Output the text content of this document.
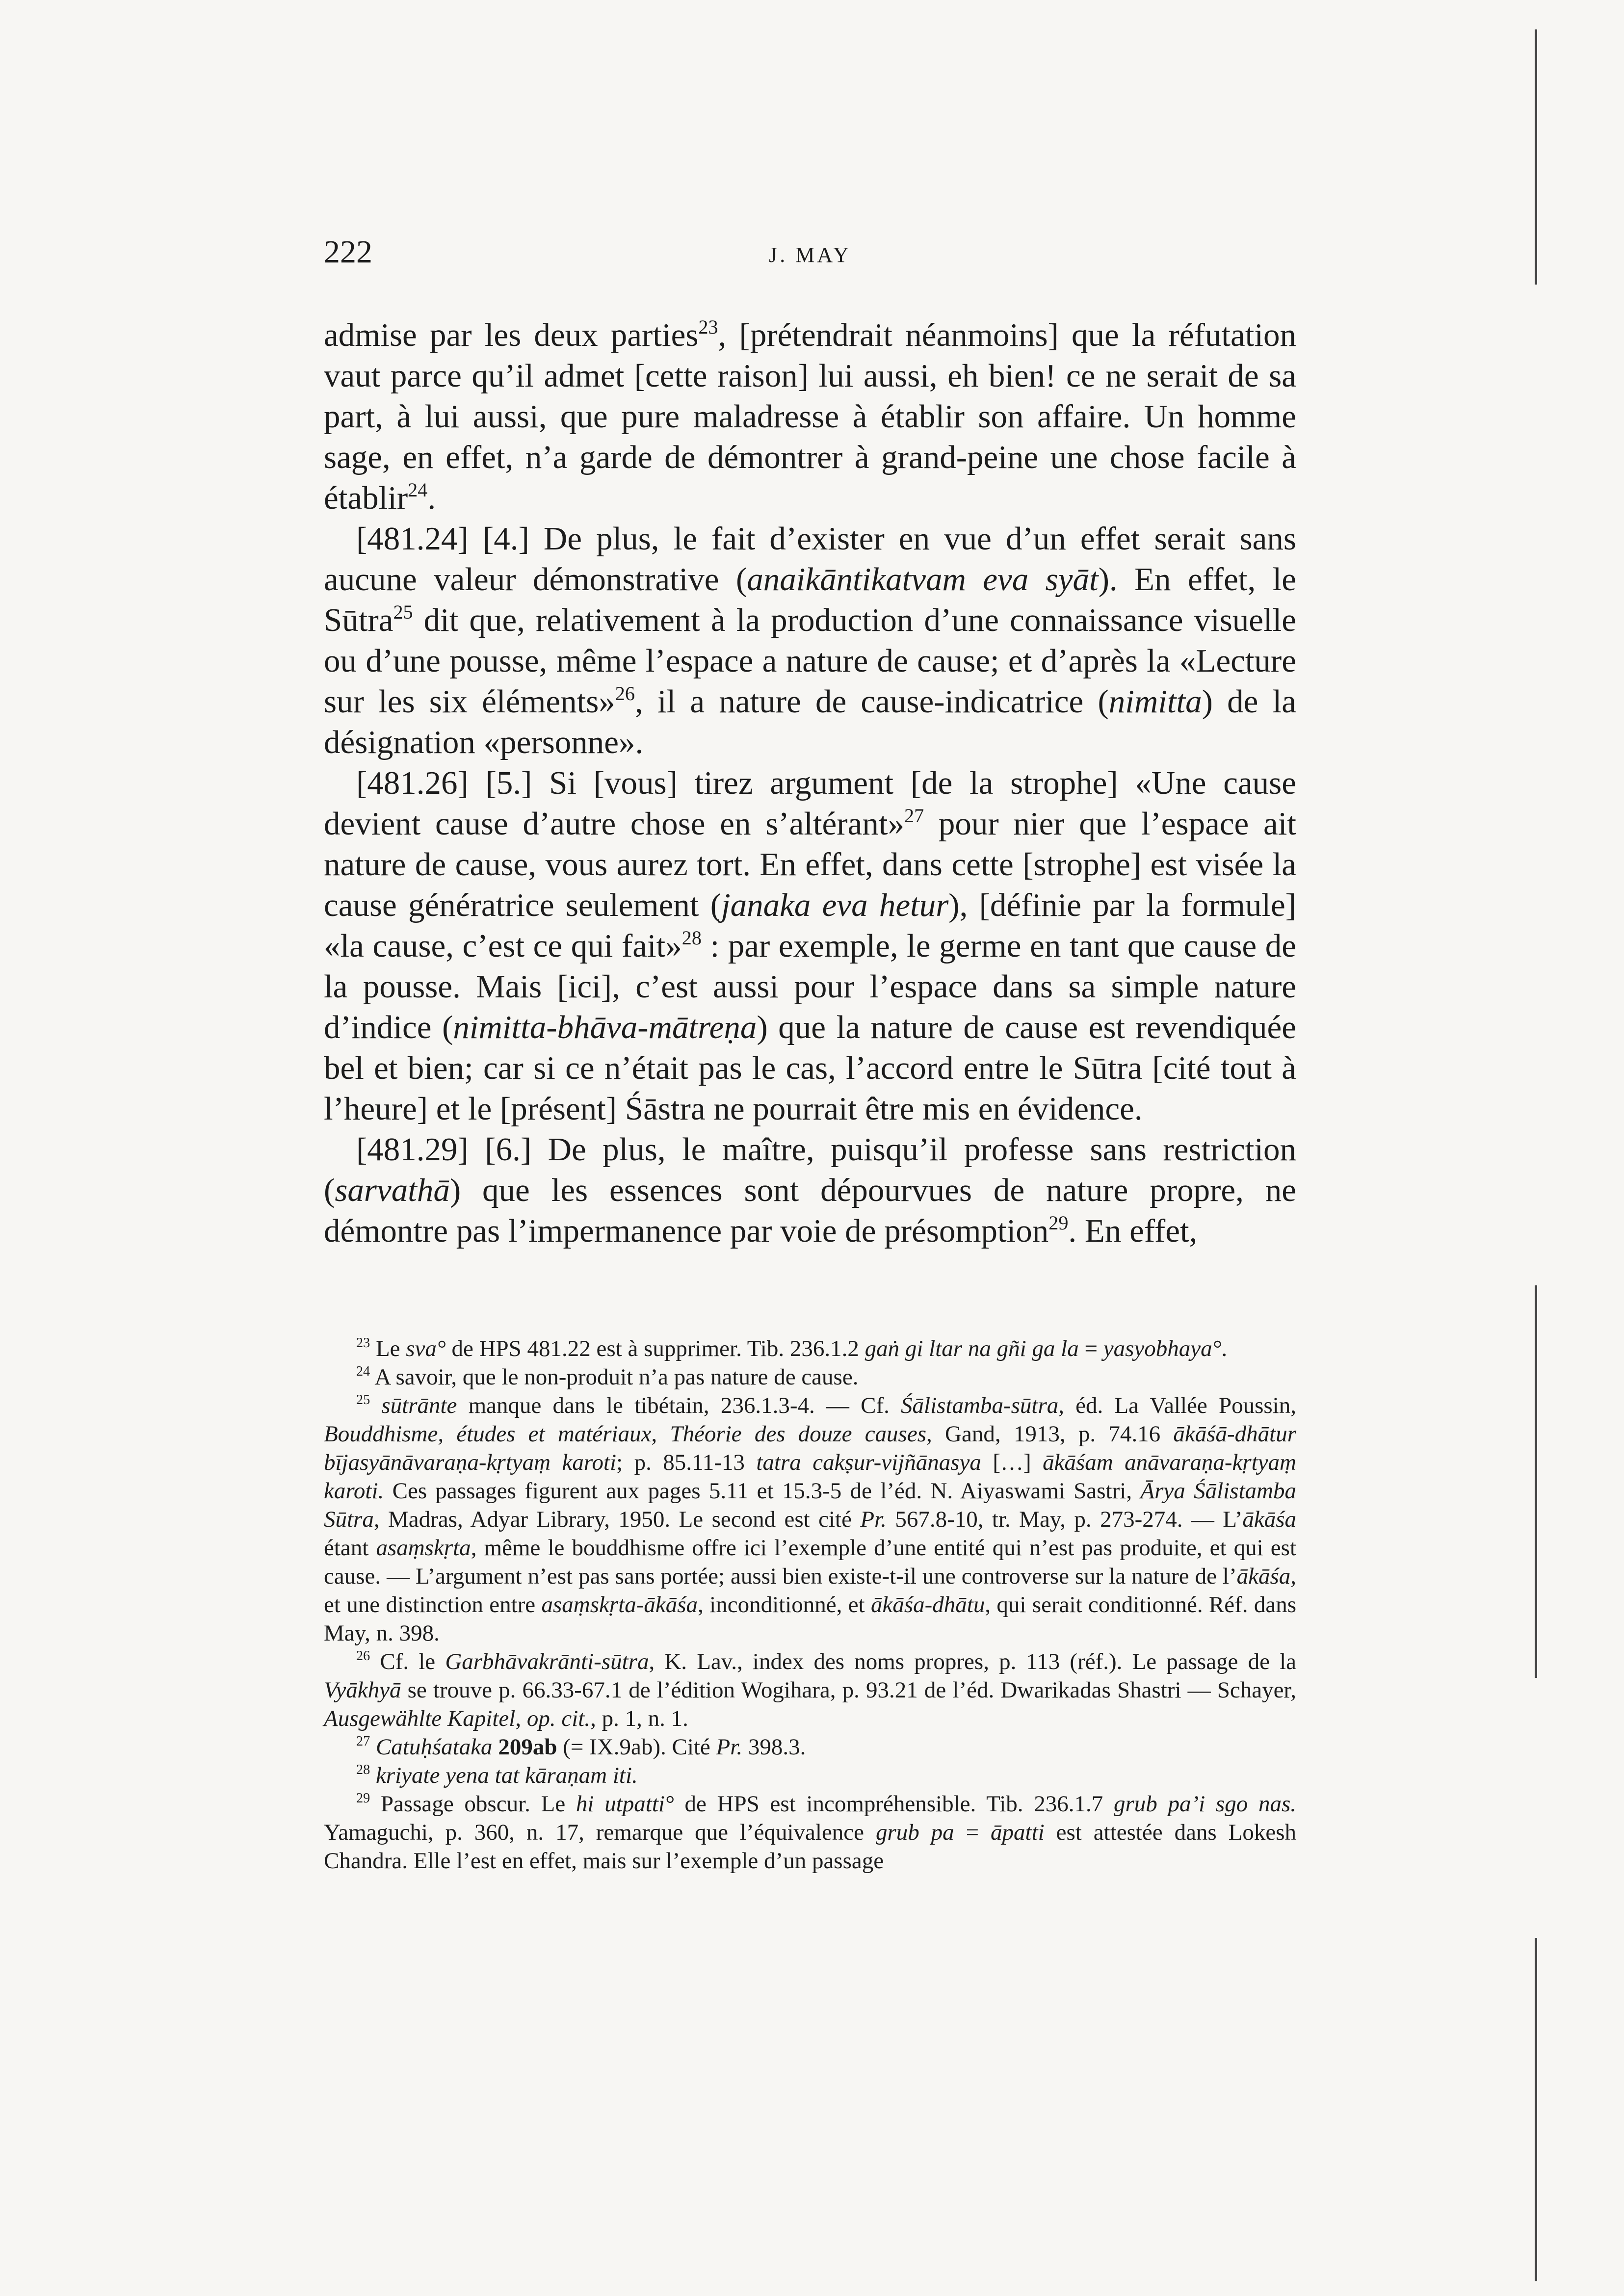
222	J. MAY

admise par les deux parties$^{23}$, [prétendrait néanmoins] que la réfutation vaut parce qu’il admet [cette raison] lui aussi, eh bien! ce ne serait de sa part, à lui aussi, que pure maladresse à établir son affaire. Un homme sage, en effet, n’a garde de démontrer à grand-peine une chose facile à établir$^{24}$.

[481.24] [4.] De plus, le fait d’exister en vue d’un effet serait sans aucune valeur démonstrative (anaikāntikatvam eva syāt). En effet, le Sūtra$^{25}$ dit que, relativement à la production d’une connaissance visuelle ou d’une pousse, même l’espace a nature de cause; et d’après la «Lecture sur les six éléments»$^{26}$, il a nature de cause-indicatrice (nimitta) de la désignation «personne».

[481.26] [5.] Si [vous] tirez argument [de la strophe] «Une cause devient cause d’autre chose en s’altérant»$^{27}$ pour nier que l’espace ait nature de cause, vous aurez tort. En effet, dans cette [strophe] est visée la cause génératrice seulement (janaka eva hetur), [définie par la formule] «la cause, c’est ce qui fait»$^{28}$ : par exemple, le germe en tant que cause de la pousse. Mais [ici], c’est aussi pour l’espace dans sa simple nature d’indice (nimitta-bhāva-mātreṇa) que la nature de cause est revendiquée bel et bien; car si ce n’était pas le cas, l’accord entre le Sūtra [cité tout à l’heure] et le [présent] Śāstra ne pourrait être mis en évidence.

[481.29] [6.] De plus, le maître, puisqu’il professe sans restriction (sarvathā) que les essences sont dépourvues de nature propre, ne démontre pas l’impermanence par voie de présomption$^{29}$. En effet,

$^{23}$ Le sva° de HPS 481.22 est à supprimer. Tib. 236.1.2 gaṅ gi ltar na gñi ga la = yasyobhaya°.

$^{24}$ A savoir, que le non-produit n’a pas nature de cause.

$^{25}$ sūtrānte manque dans le tibétain, 236.1.3-4. — Cf. Śālistamba-sūtra, éd. La Vallée Poussin, Bouddhisme, études et matériaux, Théorie des douze causes, Gand, 1913, p. 74.16 ākāśā-dhātur bījasyānāvaraṇa-kṛtyaṃ karoti; p. 85.11-13 tatra cakṣur-vijñānasya […] ākāśam anāvaraṇa-kṛtyaṃ karoti. Ces passages figurent aux pages 5.11 et 15.3-5 de l’éd. N. Aiyaswami Sastri, Ārya Śālistamba Sūtra, Madras, Adyar Library, 1950. Le second est cité Pr. 567.8-10, tr. May, p. 273-274. — L’ākāśa étant asaṃskṛta, même le bouddhisme offre ici l’exemple d’une entité qui n’est pas produite, et qui est cause. — L’argument n’est pas sans portée; aussi bien existe-t-il une controverse sur la nature de l’ākāśa, et une distinction entre asaṃskṛta-ākāśa, inconditionné, et ākāśa-dhātu, qui serait conditionné. Réf. dans May, n. 398.

$^{26}$ Cf. le Garbhāvakrānti-sūtra, K. Lav., index des noms propres, p. 113 (réf.). Le passage de la Vyākhyā se trouve p. 66.33-67.1 de l’édition Wogihara, p. 93.21 de l’éd. Dwarikadas Shastri — Schayer, Ausgewählte Kapitel, op. cit., p. 1, n. 1.

$^{27}$ Catuḥśataka 209ab (= IX.9ab). Cité Pr. 398.3.

$^{28}$ kriyate yena tat kāraṇam iti.

$^{29}$ Passage obscur. Le hi utpatti° de HPS est incompréhensible. Tib. 236.1.7 grub pa’i sgo nas. Yamaguchi, p. 360, n. 17, remarque que l’équivalence grub pa = āpatti est attestée dans Lokesh Chandra. Elle l’est en effet, mais sur l’exemple d’un passage
